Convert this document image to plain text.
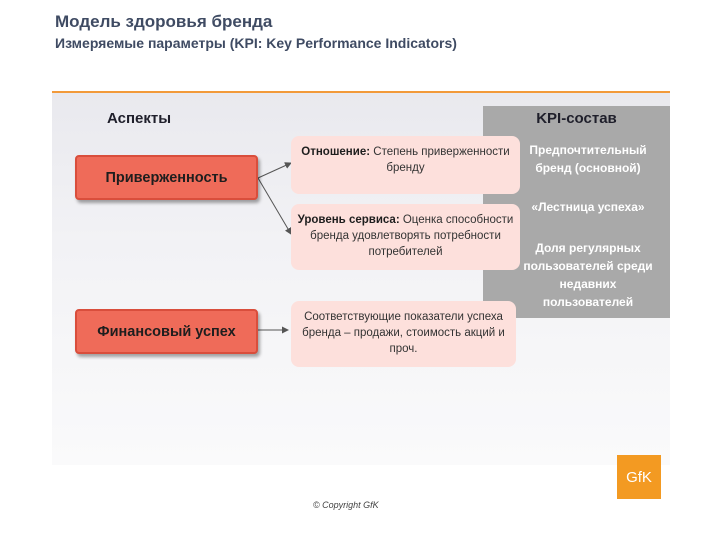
Модель здоровья бренда
Измеряемые параметры (KPI: Key Performance Indicators)
Аспекты	KPI-состав
Предпочтительный бренд (основной)
«Лестница успеха»
Доля регулярных пользователей среди недавних пользователей
Приверженность
Финансовый успех
Отношение: Степень приверженности бренду
Уровень сервиса: Оценка способности бренда удовлетворять потребности потребителей
Соответствующие показатели успеха бренда – продажи, стоимость акций и проч.
GfK
© Copyright GfK
